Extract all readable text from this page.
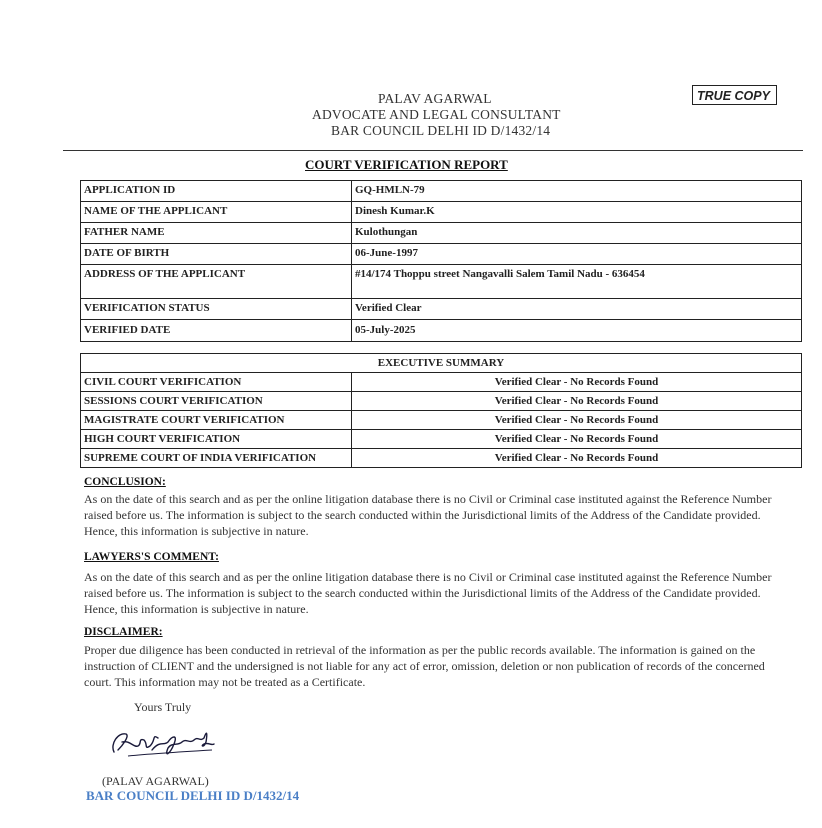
TRUE COPY
PALAV AGARWAL
ADVOCATE AND LEGAL CONSULTANT
BAR COUNCIL DELHI ID D/1432/14
COURT VERIFICATION REPORT
APPLICATION ID	GQ-HMLN-79
NAME OF THE APPLICANT	Dinesh Kumar.K
FATHER NAME	Kulothungan
DATE OF BIRTH	06-June-1997
ADDRESS OF THE APPLICANT	#14/174 Thoppu street Nangavalli Salem Tamil Nadu - 636454
VERIFICATION STATUS	Verified Clear
VERIFIED DATE	05-July-2025
EXECUTIVE SUMMARY	
CIVIL COURT VERIFICATION	Verified Clear - No Records Found
SESSIONS COURT VERIFICATION	Verified Clear - No Records Found
MAGISTRATE COURT VERIFICATION	Verified Clear - No Records Found
HIGH COURT VERIFICATION	Verified Clear - No Records Found
SUPREME COURT OF INDIA VERIFICATION	Verified Clear - No Records Found
CONCLUSION:
As on the date of this search and as per the online litigation database there is no Civil or Criminal case instituted against the Reference Number raised before us. The information is subject to the search conducted within the Jurisdictional limits of the Address of the Candidate provided. Hence, this information is subjective in nature.
LAWYERS'S COMMENT:
As on the date of this search and as per the online litigation database there is no Civil or Criminal case instituted against the Reference Number raised before us. The information is subject to the search conducted within the Jurisdictional limits of the Address of the Candidate provided. Hence, this information is subjective in nature.
DISCLAIMER:
Proper due diligence has been conducted in retrieval of the information as per the public records available. The information is gained on the instruction of CLIENT and the undersigned is not liable for any act of error, omission, deletion or non publication of records of the concerned court. This information may not be treated as a Certificate.
Yours Truly
(PALAV AGARWAL)
BAR COUNCIL DELHI ID D/1432/14
